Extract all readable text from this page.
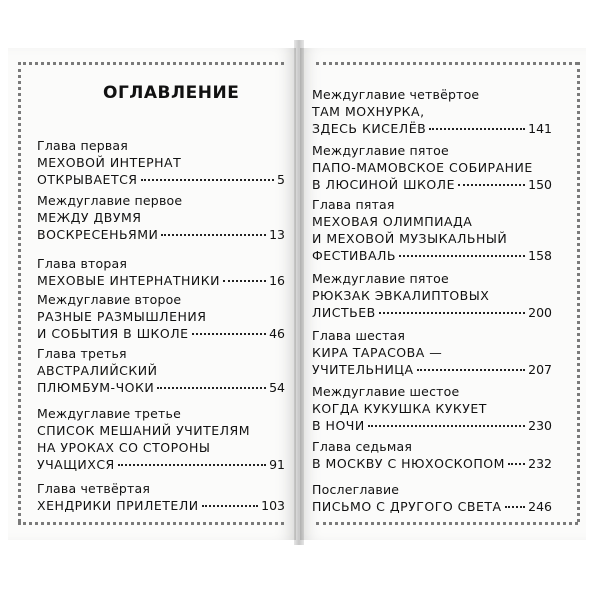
ОГЛАВЛЕНИЕ
Глава первая
МЕХОВОЙ ИНТЕРНАТ
ОТКРЫВАЕТСЯ	5
Междуглавие первое
МЕЖДУ ДВУМЯ
ВОСКРЕСЕНЬЯМИ	13
Глава вторая
МЕХОВЫЕ ИНТЕРНАТНИКИ	16
Междуглавие второе
РАЗНЫЕ РАЗМЫШЛЕНИЯ
И СОБЫТИЯ В ШКОЛЕ	46
Глава третья
АВСТРАЛИЙСКИЙ
ПЛЮМБУМ-ЧОКИ	54
Междуглавие третье
СПИСОК МЕШАНИЙ УЧИТЕЛЯМ
НА УРОКАХ СО СТОРОНЫ
УЧАЩИХСЯ	91
Глава четвёртая
ХЕНДРИКИ ПРИЛЕТЕЛИ	103
Междуглавие четвёртое
ТАМ МОХНУРКА,
ЗДЕСЬ КИСЕЛЁВ	141
Междуглавие пятое
ПАПО-МАМОВСКОЕ СОБИРАНИЕ
В ЛЮСИНОЙ ШКОЛЕ	150
Глава пятая
МЕХОВАЯ ОЛИМПИАДА
И МЕХОВОЙ МУЗЫКАЛЬНЫЙ
ФЕСТИВАЛЬ	158
Междуглавие пятое
РЮКЗАК ЭВКАЛИПТОВЫХ
ЛИСТЬЕВ	200
Глава шестая
КИРА ТАРАСОВА —
УЧИТЕЛЬНИЦА	207
Междуглавие шестое
КОГДА КУКУШКА КУКУЕТ
В НОЧИ	230
Глава седьмая
В МОСКВУ С НЮХОСКОПОМ 232
Послеглавие
ПИСЬМО С ДРУГОГО СВЕТА 246
